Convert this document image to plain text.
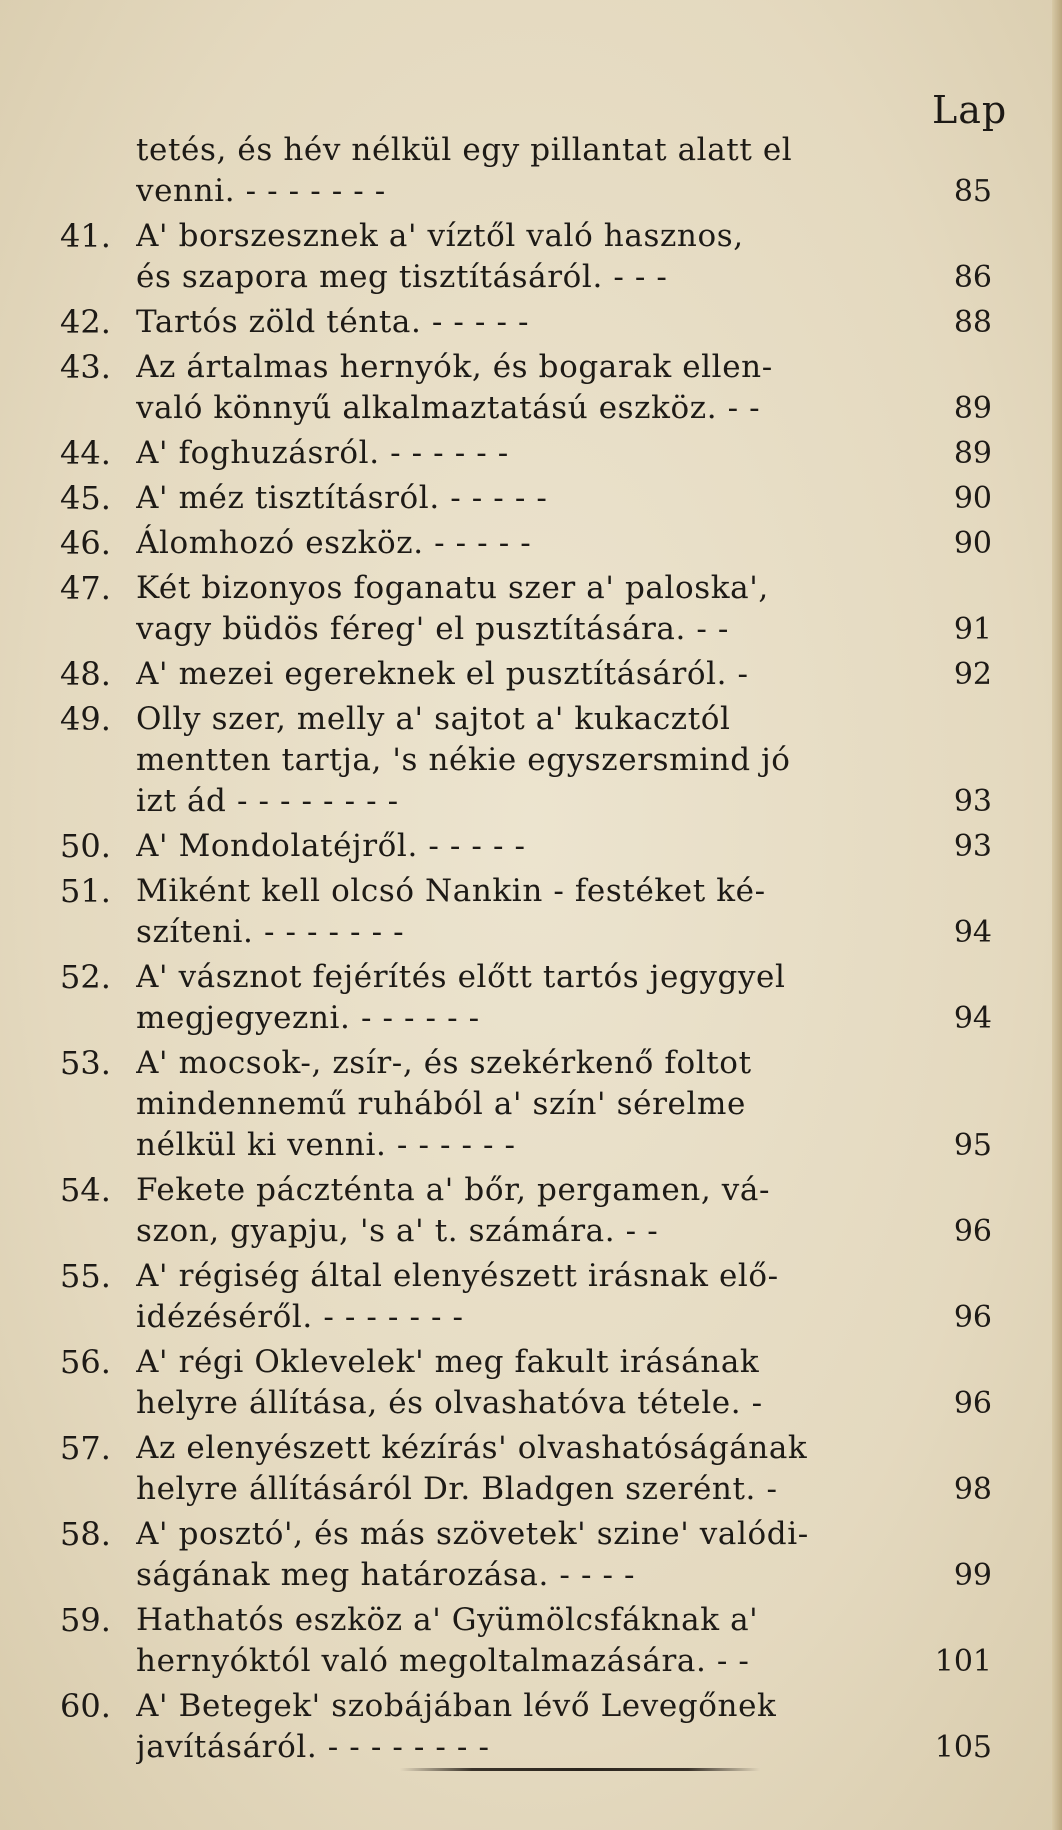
Lap
tetés, és hév nélkül egy pillantat alatt el
venni. - - - - - - -	85
41. A' borszesznek a' víztől való hasznos,
és szapora meg tisztításáról. - - -	86
42. Tartós zöld ténta. - - - - -	88
43. Az ártalmas hernyók, és bogarak ellen-
való könnyű alkalmaztatású eszköz. - -	89
44. A' foghuzásról. - - - - - -	89
45. A' méz tisztításról. - - - - -	90
46. Álomhozó eszköz. - - - - -	90
47. Két bizonyos foganatu szer a' paloska',
vagy büdös féreg' el pusztítására. - -	91
48. A' mezei egereknek el pusztításáról. -	92
49. Olly szer, melly a' sajtot a' kukacztól
mentten tartja, 's nékie egyszersmind jó
izt ád - - - - - - - -	93
50. A' Mondolatéjről. - - - - -	93
51. Miként kell olcsó Nankin - festéket ké-
szíteni. - - - - - - -	94
52. A' vásznot fejérítés előtt tartós jegygyel
megjegyezni. - - - - - -	94
53. A' mocsok-, zsír-, és szekérkenő foltot
mindennemű ruhából a' szín' sérelme
nélkül ki venni. - - - - - -	95
54. Fekete páczténta a' bőr, pergamen, vá-
szon, gyapju, 's a' t. számára. - -	96
55. A' régiség által elenyészett irásnak elő-
idézéséről. - - - - - - -	96
56. A' régi Oklevelek' meg fakult irásának
helyre állítása, és olvashatóva tétele. -	96
57. Az elenyészett kézírás' olvashatóságának
helyre állításáról Dr. Bladgen szerént. -	98
58. A' posztó', és más szövetek' szine' valódi-
ságának meg határozása. - - - -	99
59. Hathatós eszköz a' Gyümölcsfáknak a'
hernyóktól való megoltalmazására. - -	101
60. A' Betegek' szobájában lévő Levegőnek
javításáról. - - - - - - - -	105
